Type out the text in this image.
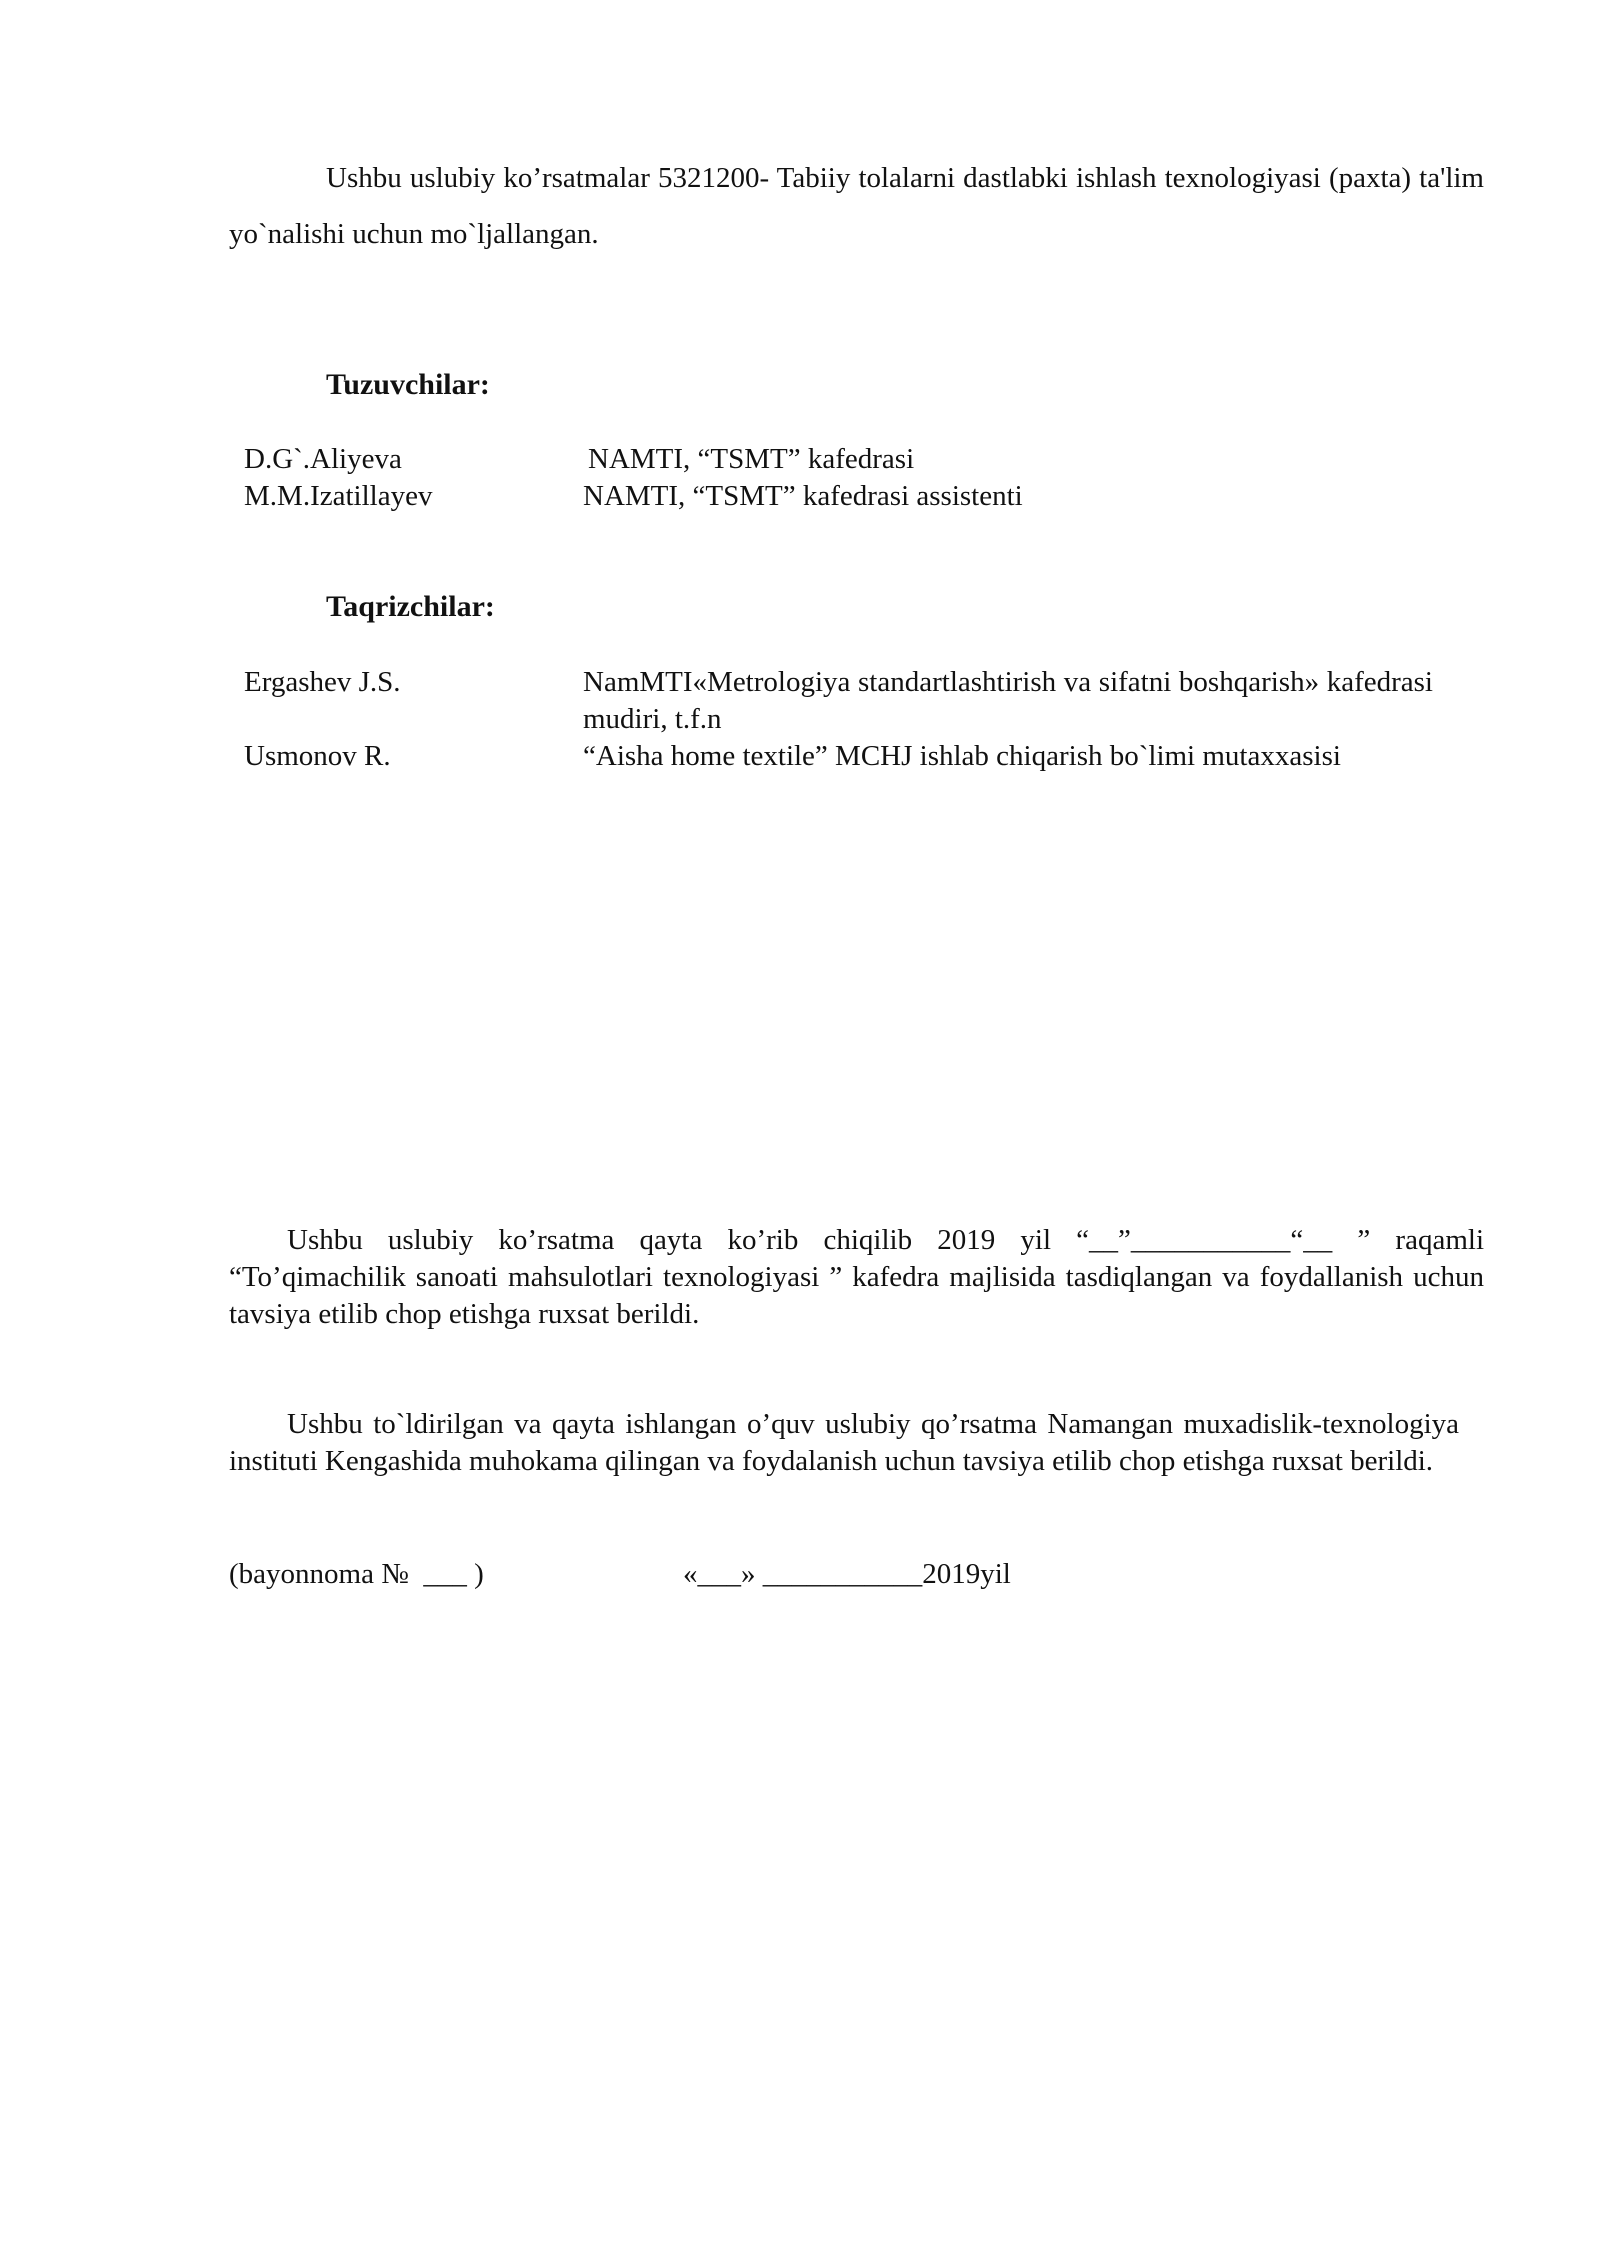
Ushbu uslubiy ko’rsatmalar 5321200- Tabiiy tolalarni dastlabki ishlash texnologiyasi (paxta) ta'lim yo`nalishi uchun mo`ljallangan.

Tuzuvchilar:
D.G`.Aliyeva	NAMTI, “TSMT” kafedrasi
M.M.Izatillayev	NAMTI, “TSMT” kafedrasi assistenti
Taqrizchilar:
Ergashev J.S.	NamMTI«Metrologiya standartlashtirish va sifatni boshqarish» kafedrasi mudiri, t.f.n
Usmonov R.	“Aisha home textile” MCHJ ishlab chiqarish bo`limi mutaxxasisi

Ushbu uslubiy ko’rsatma qayta ko’rib chiqilib 2019 yil “__”___________“__ ” raqamli “To’qimachilik sanoati mahsulotlari texnologiyasi ” kafedra majlisida tasdiqlangan va foydallanish uchun tavsiya etilib chop etishga ruxsat berildi.

Ushbu to`ldirilgan va qayta ishlangan o’quv uslubiy qo’rsatma Namangan muxadislik-texnologiya instituti Kengashida muhokama qilingan va foydalanish uchun tavsiya etilib chop etishga ruxsat berildi.

(bayonnoma №  ___ )	«___» ___________2019yil
